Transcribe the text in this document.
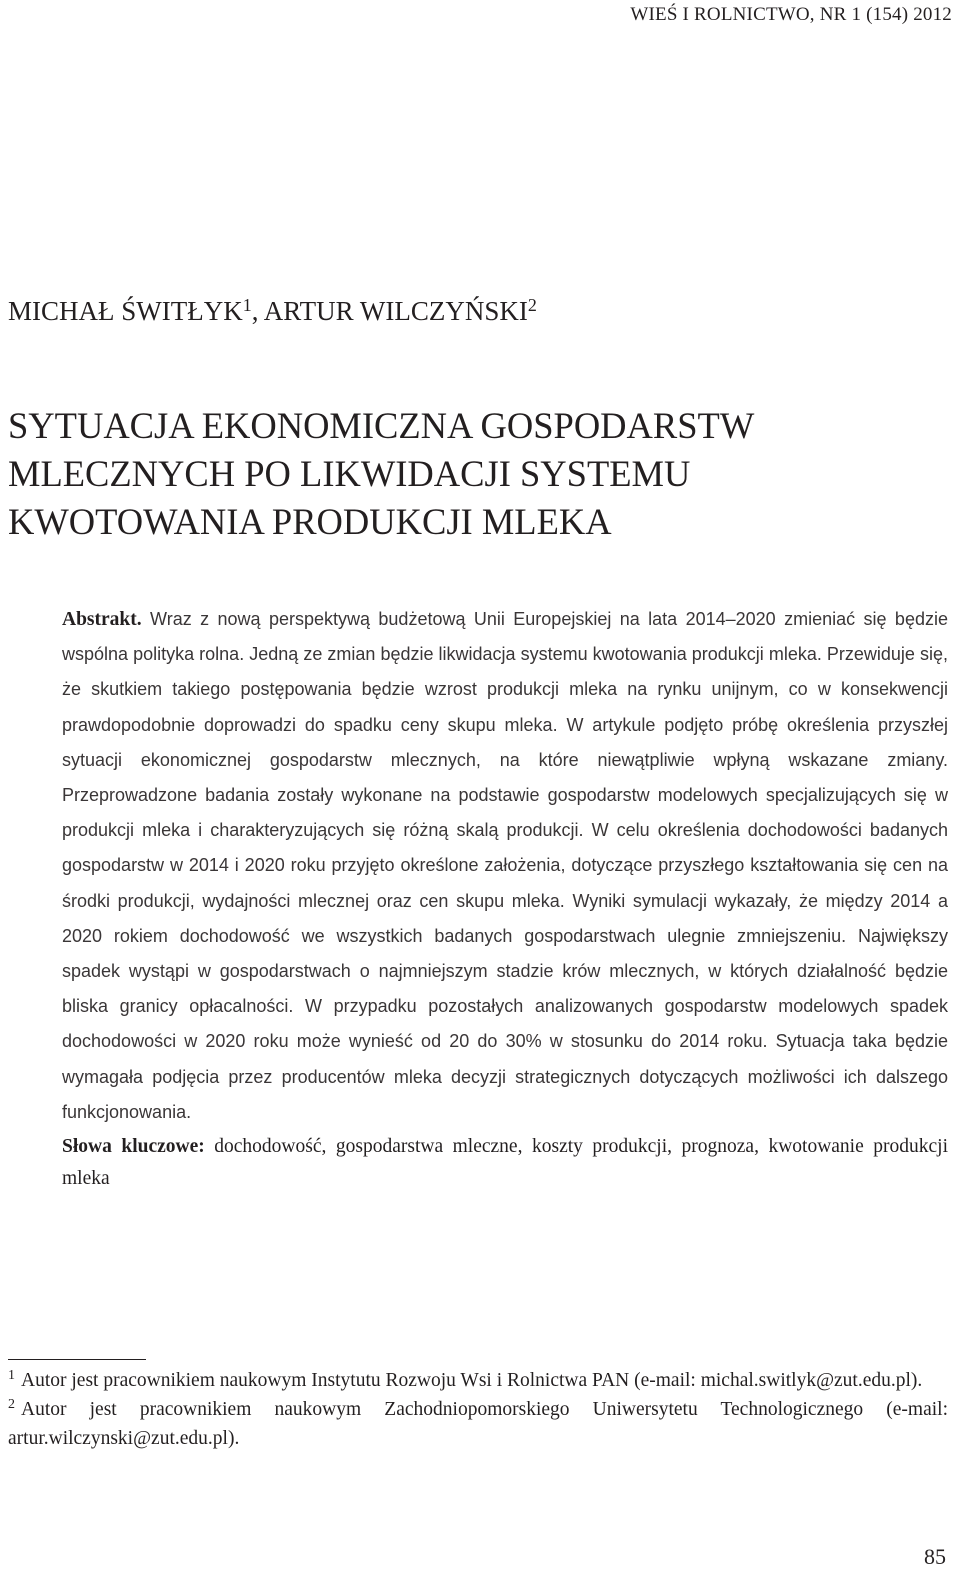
WIEŚ I ROLNICTWO, NR 1 (154) 2012
MICHAŁ ŚWITŁYK$^1$, ARTUR WILCZYŃSKI$^2$
SYTUACJA EKONOMICZNA GOSPODARSTW
MLECZNYCH PO LIKWIDACJI SYSTEMU
KWOTOWANIA PRODUKCJI MLEKA

Abstrakt. Wraz z nową perspektywą budżetową Unii Europejskiej na lata 2014–2020 zmieniać się będzie wspólna polityka rolna. Jedną ze zmian będzie likwidacja systemu kwotowania produkcji mleka. Przewiduje się, że skutkiem takiego postępowania będzie wzrost produkcji mleka na rynku unijnym, co w konsekwencji prawdopodobnie doprowadzi do spadku ceny skupu mleka. W artykule podjęto próbę określenia przyszłej sytuacji ekonomicznej gospodarstw mlecznych, na które niewątpliwie wpłyną wskazane zmiany. Przeprowadzone badania zostały wykonane na podstawie gospodarstw modelowych specjalizujących się w produkcji mleka i charakteryzujących się różną skalą produkcji. W celu określenia dochodowości badanych gospodarstw w 2014 i 2020 roku przyjęto określone założenia, dotyczące przyszłego kształtowania się cen na środki produkcji, wydajności mlecznej oraz cen skupu mleka. Wyniki symulacji wykazały, że między 2014 a 2020 rokiem dochodowość we wszystkich badanych gospodarstwach ulegnie zmniejszeniu. Największy spadek wystąpi w gospodarstwach o najmniejszym stadzie krów mlecznych, w których działalność będzie bliska granicy opłacalności. W przypadku pozostałych analizowanych gospodarstw modelowych spadek dochodowości w 2020 roku może wynieść od 20 do 30% w stosunku do 2014 roku. Sytuacja taka będzie wymagała podjęcia przez producentów mleka decyzji strategicznych dotyczących możliwości ich dalszego funkcjonowania.

Słowa kluczowe: dochodowość, gospodarstwa mleczne, koszty produkcji, prognoza, kwotowanie produkcji mleka

$^1$ Autor jest pracownikiem naukowym Instytutu Rozwoju Wsi i Rolnictwa PAN (e-mail: michal.switlyk@zut.edu.pl).

$^2$ Autor jest pracownikiem naukowym Zachodniopomorskiego Uniwersytetu Technologicznego (e-mail: artur.wilczynski@zut.edu.pl).

85
